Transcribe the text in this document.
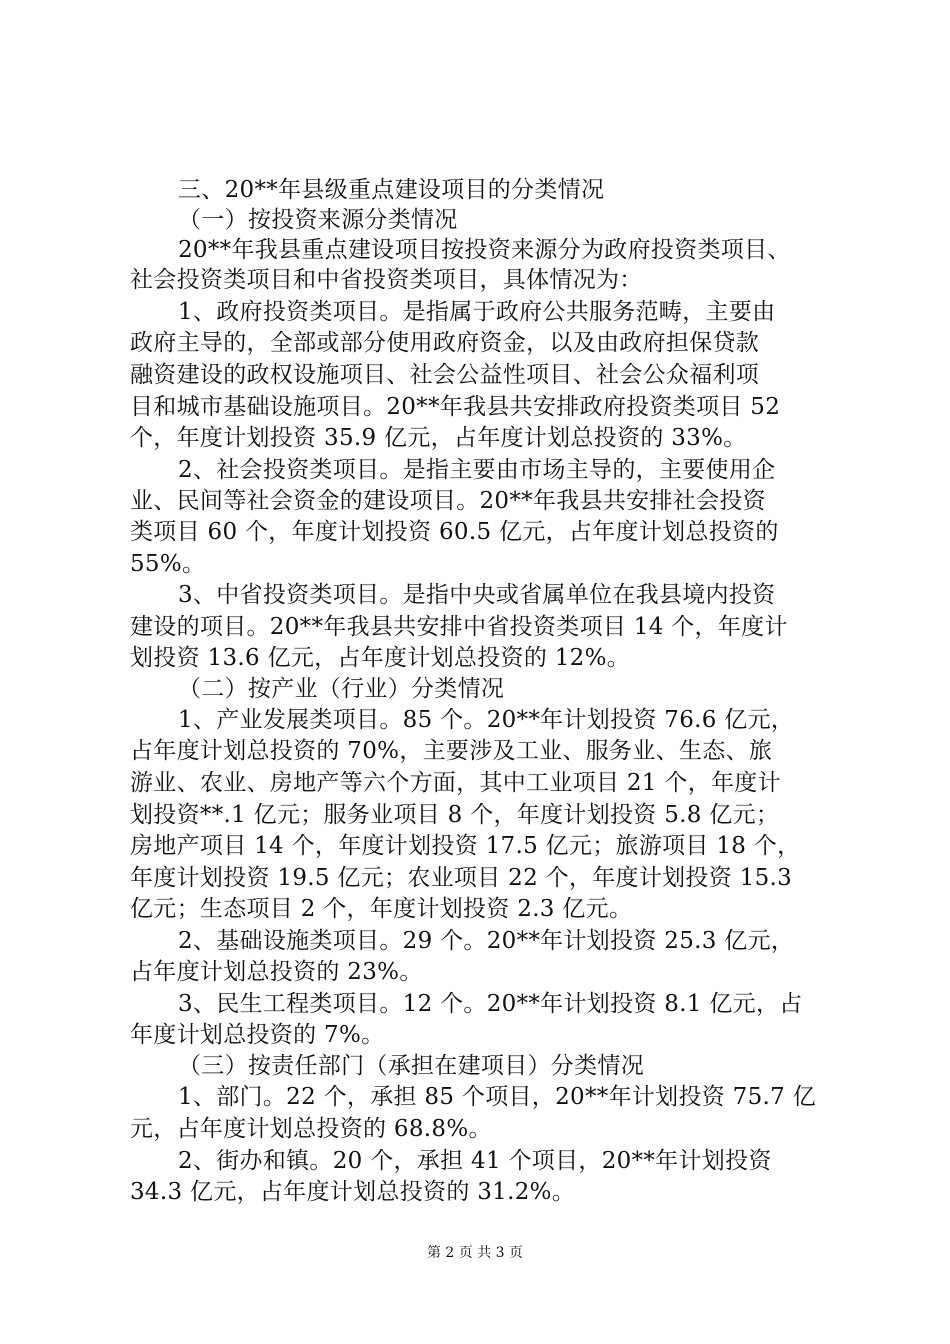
三、20**年县级重点建设项目的分类情况
（一）按投资来源分类情况
20**年我县重点建设项目按投资来源分为政府投资类项目、
社会投资类项目和中省投资类项目，具体情况为：
1、政府投资类项目。是指属于政府公共服务范畴，主要由
政府主导的，全部或部分使用政府资金，以及由政府担保贷款
融资建设的政权设施项目、社会公益性项目、社会公众福利项
目和城市基础设施项目。20**年我县共安排政府投资类项目 52
个，年度计划投资 35.9 亿元，占年度计划总投资的 33%。
2、社会投资类项目。是指主要由市场主导的，主要使用企
业、民间等社会资金的建设项目。20**年我县共安排社会投资
类项目 60 个，年度计划投资 60.5 亿元，占年度计划总投资的
55%。
3、中省投资类项目。是指中央或省属单位在我县境内投资
建设的项目。20**年我县共安排中省投资类项目 14 个，年度计
划投资 13.6 亿元，占年度计划总投资的 12%。
（二）按产业（行业）分类情况
1、产业发展类项目。85 个。20**年计划投资 76.6 亿元，
占年度计划总投资的 70%，主要涉及工业、服务业、生态、旅
游业、农业、房地产等六个方面，其中工业项目 21 个，年度计
划投资**.1 亿元；服务业项目 8 个，年度计划投资 5.8 亿元；
房地产项目 14 个，年度计划投资 17.5 亿元；旅游项目 18 个，
年度计划投资 19.5 亿元；农业项目 22 个，年度计划投资 15.3
亿元；生态项目 2 个，年度计划投资 2.3 亿元。
2、基础设施类项目。29 个。20**年计划投资 25.3 亿元，
占年度计划总投资的 23%。
3、民生工程类项目。12 个。20**年计划投资 8.1 亿元，占
年度计划总投资的 7%。
（三）按责任部门（承担在建项目）分类情况
1、部门。22 个，承担 85 个项目，20**年计划投资 75.7 亿
元，占年度计划总投资的 68.8%。
2、街办和镇。20 个，承担 41 个项目，20**年计划投资
34.3 亿元，占年度计划总投资的 31.2%。
第 2 页 共 3 页
